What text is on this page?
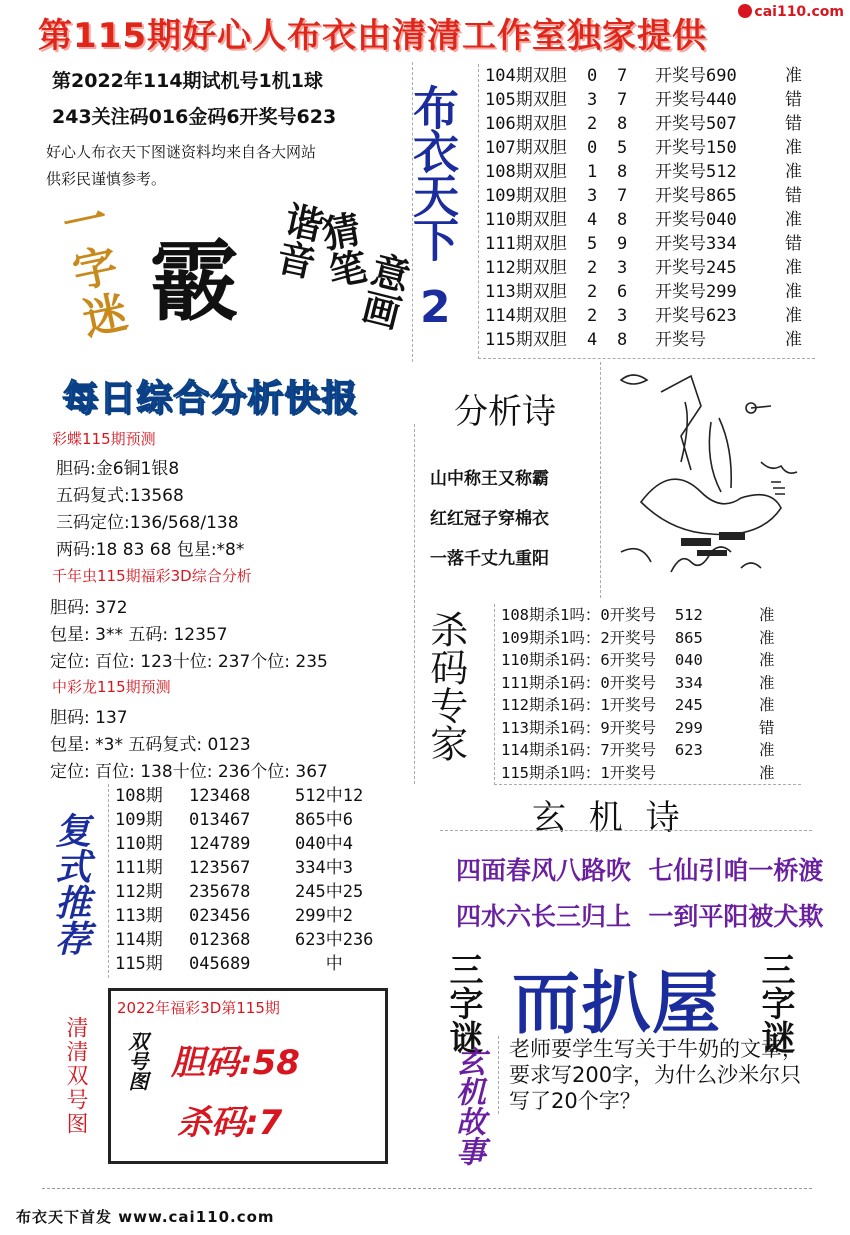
第115期好心人布衣由清清工作室独家提供
cai110.com
第2022年114期试机号1机1球
243关注码016金码6开奖号623
好心人布衣天下图谜资料均来自各大网站
供彩民谨慎参考。
一字迷 霰 谐音
猜笔
意画
布衣天下
2
104期双胆 0 7 开奖号690	准
105期双胆 3 7 开奖号440	错
106期双胆 2 8 开奖号507	错
107期双胆 0 5 开奖号150	准
108期双胆 1 8 开奖号512	准
109期双胆 3 7 开奖号865	错
110期双胆 4 8 开奖号040	准
111期双胆 5 9 开奖号334	错
112期双胆 2 3 开奖号245	准
113期双胆 2 6 开奖号299	准
114期双胆 2 3 开奖号623	准
115期双胆 4 8 开奖号	准
每日综合分析快报
彩蝶115期预测
胆码:金6铜1银8
五码复式:13568
三码定位:136/568/138
两码:18 83 68 包星:*8*
千年虫115期福彩3D综合分析
胆码: 372
包星: 3** 五码: 12357
定位: 百位: 123十位: 237个位: 235
中彩龙115期预测
胆码: 137
包星: *3* 五码复式: 0123
定位: 百位: 138十位: 236个位: 367
分析诗
山中称王又称霸
红红冠子穿棉衣
一落千丈九重阳
杀码专家 108期杀1吗：0开奖号  512	准
109期杀1吗：2开奖号  865	准
110期杀1码：6开奖号  040	准
111期杀1码：0开奖号  334	准
112期杀1码：1开奖号  245	准
113期杀1码：9开奖号  299	错
114期杀1码：7开奖号  623	准
115期杀1吗：1开奖号	准
复式推荐
108期 123468	512中12
109期 013467	865中6
110期 124789	040中4
111期 123567	334中3
112期 235678	245中25
113期 023456	299中2
114期 012368	623中236
115期 045689	中
玄 机 诗
四面春风八路吹  七仙引咱一桥渡
四水六长三归上  一到平阳被犬欺
清清双号图
2022年福彩3D第115期
双号图 胆码:58
杀码:7
三字谜 而扒屋 三字谜
玄机故事	老师要学生写关于牛奶的文章，要求写200字，为什么沙米尔只写了20个字？
布衣天下首发 www.cai110.com
